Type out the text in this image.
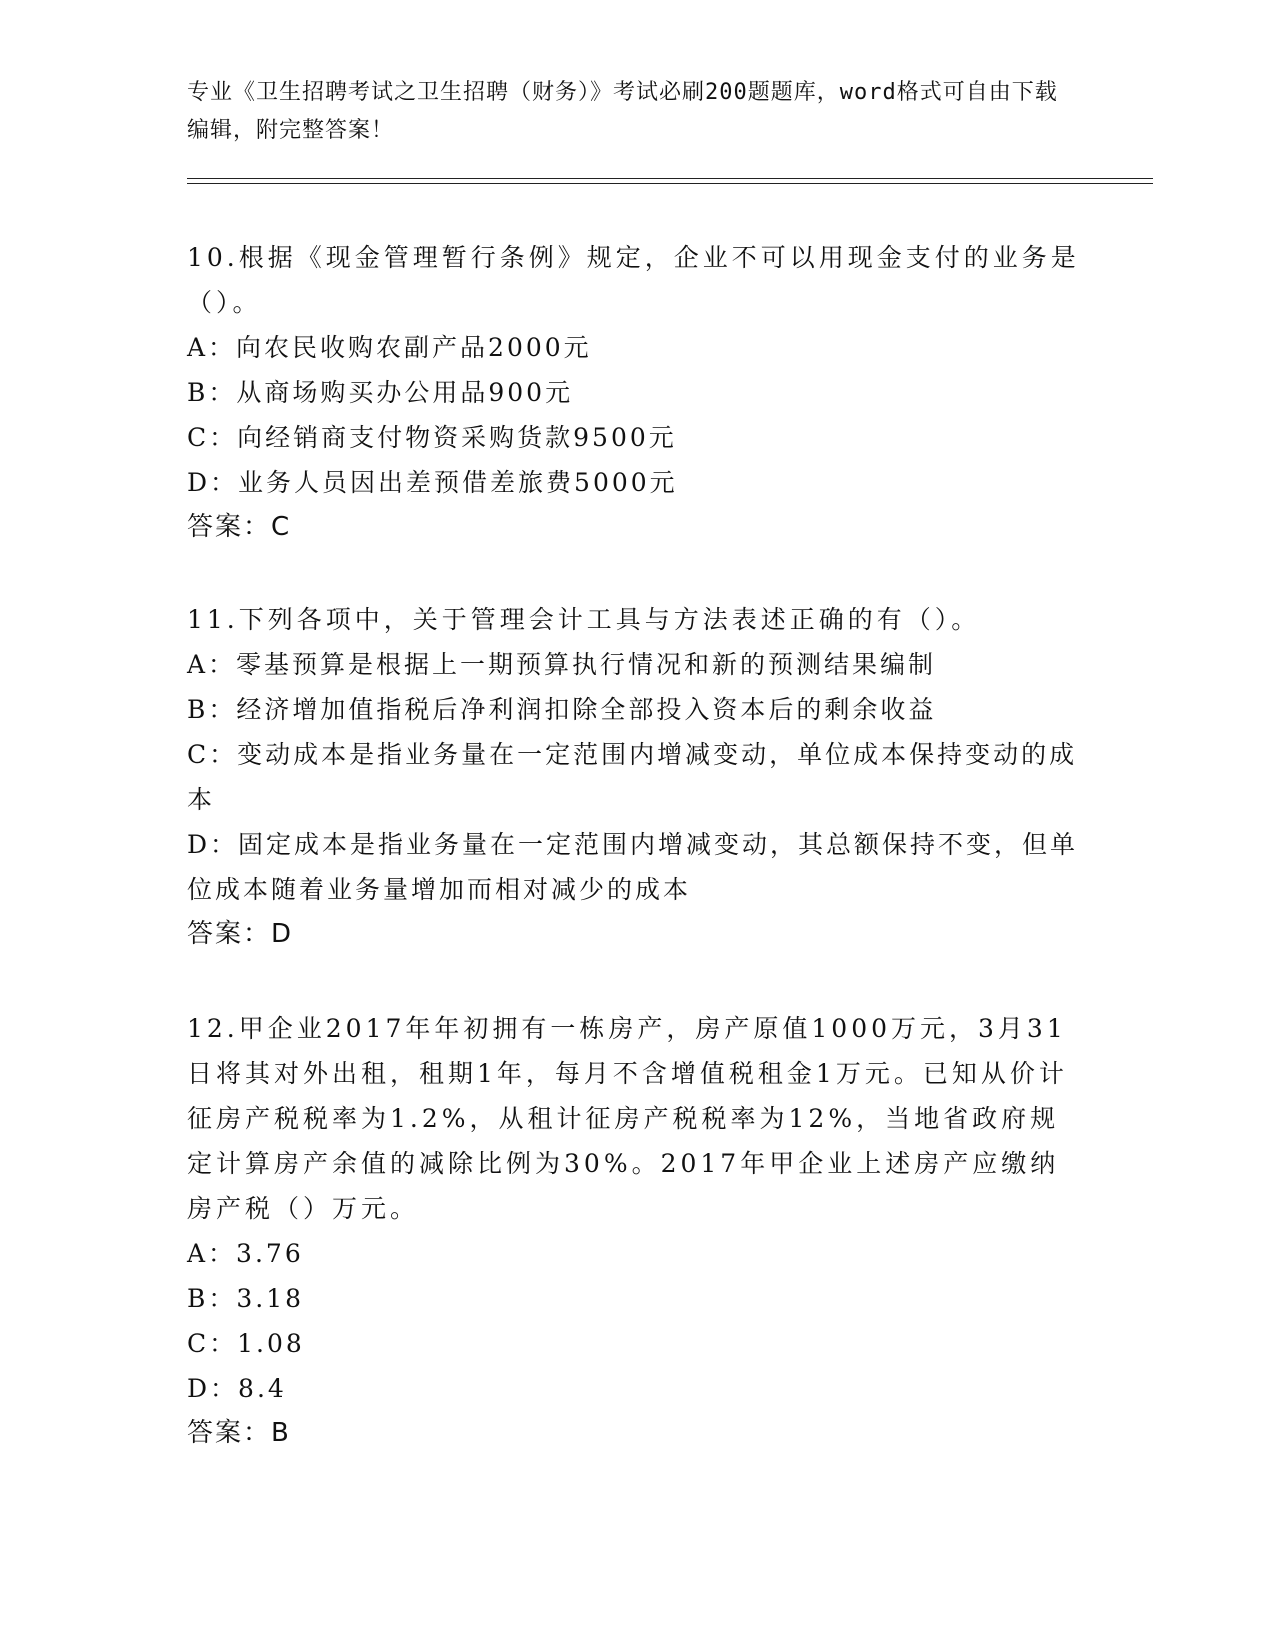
专业《卫生招聘考试之卫生招聘（财务）》考试必刷200题题库，word格式可自由下载编辑，附完整答案！

10.根据《现金管理暂行条例》规定，企业不可以用现金支付的业务是（）。

A：向农民收购农副产品2000元

B：从商场购买办公用品900元

C：向经销商支付物资采购货款9500元

D：业务人员因出差预借差旅费5000元

答案：C

11.下列各项中，关于管理会计工具与方法表述正确的有（）。

A：零基预算是根据上一期预算执行情况和新的预测结果编制

B：经济增加值指税后净利润扣除全部投入资本后的剩余收益

C：变动成本是指业务量在一定范围内增减变动，单位成本保持变动的成本

D：固定成本是指业务量在一定范围内增减变动，其总额保持不变，但单位成本随着业务量增加而相对减少的成本

答案：D

12.甲企业2017年年初拥有一栋房产，房产原值1000万元，3月31日将其对外出租，租期1年，每月不含增值税租金1万元。已知从价计征房产税税率为1.2%，从租计征房产税税率为12%，当地省政府规定计算房产余值的减除比例为30%。2017年甲企业上述房产应缴纳房产税（）万元。

A：3.76

B：3.18

C：1.08

D：8.4

答案：B
